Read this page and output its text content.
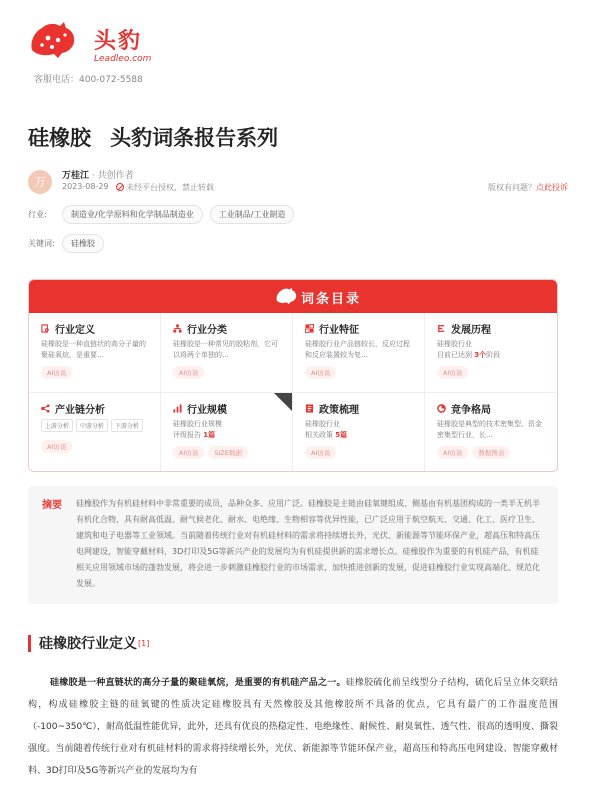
头豹
Leadleo.com
客服电话：400-072-5588
硅橡胶 头豹词条报告系列
万	万桂江 · 共创作者
2023-08-29	未经平台授权，禁止转载	版权有问题？点此投诉
行业:	制造业/化学原料和化学制品制造业	工业制品/工业制造
关键词:	硅橡胶
词条目录
行业定义
硅橡胶是一种直链状的高分子量的聚硅氧烷，是重要…
AI访谈
行业分类
硅橡胶是一种常见的胶粘剂，它可以将两个单独的…
AI访谈
行业特征
硅橡胶行业产品链较长，反应过程和反应装置较为复…
AI访谈
发展历程
硅橡胶行业
目前已达到 3个阶段
AI访谈
产业链分析
上游分析	中游分析	下游分析
AI访谈
行业规模
硅橡胶行业规模
评级报告 1篇
AI访谈	SIZE数据
政策梳理
硅橡胶行业
相关政策 5篇
AI访谈
竞争格局
硅橡胶是典型的技术密集型、资金密集型行业，长…
AI访谈	数据图表
摘要	硅橡胶作为有机硅材料中非常重要的成员，品种众多、应用广泛。硅橡胶是主链由硅氧键组成、侧基由有机基团构成的一类半无机半有机化合物，具有耐高低温、耐气候老化、耐水、电绝缘、生物相容等优异性能，已广泛应用于航空航天、交通、化工、医疗卫生、建筑和电子电器等工业领域。当前随着传统行业对有机硅材料的需求将持续增长外，光伏、新能源等节能环保产业，超高压和特高压电网建设，智能穿戴材料，3D打印及5G等新兴产业的发展均为有机硅提供新的需求增长点。硅橡胶作为重要的有机硅产品，有机硅相关应用领域市场的蓬勃发展，将会进一步刺激硅橡胶行业的市场需求，加快推进创新的发展，促进硅橡胶行业实现高端化、规范化发展。
硅橡胶行业定义 [1]
硅橡胶是一种直链状的高分子量的聚硅氧烷，是重要的有机硅产品之一。硅橡胶硫化前呈线型分子结构，硫化后呈立体交联结构，构成硅橡胶主链的硅氧键的性质决定硅橡胶具有天然橡胶及其他橡胶所不具备的优点，它具有最广的工作温度范围（-100~350℃），耐高低温性能优异，此外，还具有优良的热稳定性、电绝缘性、耐候性、耐臭氧性、透气性、很高的透明度、撕裂强度。当前随着传统行业对有机硅材料的需求将持续增长外，光伏、新能源等节能环保产业，超高压和特高压电网建设、智能穿戴材料、3D打印及5G等新兴产业的发展均为有
